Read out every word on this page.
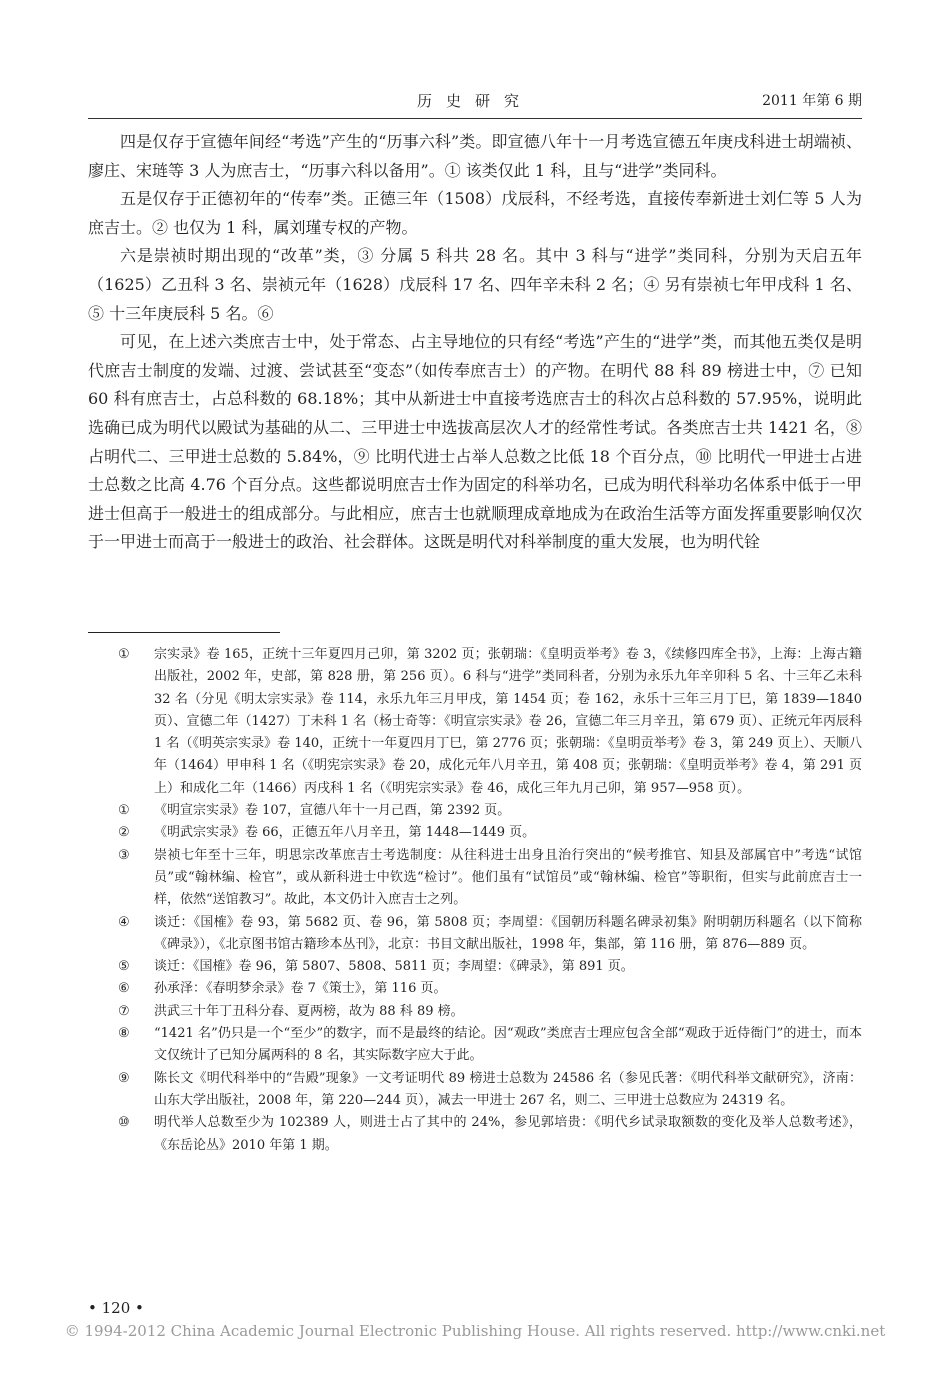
历史研究	2011 年第 6 期

四是仅存于宣德年间经“考选”产生的“历事六科”类。即宣德八年十一月考选宣德五年庚戌科进士胡端祯、廖庄、宋琏等 3 人为庶吉士，“历事六科以备用”。① 该类仅此 1 科，且与“进学”类同科。

五是仅存于正德初年的“传奉”类。正德三年（1508）戊辰科，不经考选，直接传奉新进士刘仁等 5 人为庶吉士。② 也仅为 1 科，属刘瑾专权的产物。

六是崇祯时期出现的“改革”类，③ 分属 5 科共 28 名。其中 3 科与“进学”类同科，分别为天启五年（1625）乙丑科 3 名、崇祯元年（1628）戊辰科 17 名、四年辛未科 2 名；④ 另有崇祯七年甲戌科 1 名、⑤ 十三年庚辰科 5 名。⑥

可见，在上述六类庶吉士中，处于常态、占主导地位的只有经“考选”产生的“进学”类，而其他五类仅是明代庶吉士制度的发端、过渡、尝试甚至“变态”（如传奉庶吉士）的产物。在明代 88 科 89 榜进士中，⑦ 已知 60 科有庶吉士，占总科数的 68.18%；其中从新进士中直接考选庶吉士的科次占总科数的 57.95%，说明此选确已成为明代以殿试为基础的从二、三甲进士中选拔高层次人才的经常性考试。各类庶吉士共 1421 名，⑧ 占明代二、三甲进士总数的 5.84%，⑨ 比明代进士占举人总数之比低 18 个百分点，⑩ 比明代一甲进士占进士总数之比高 4.76 个百分点。这些都说明庶吉士作为固定的科举功名，已成为明代科举功名体系中低于一甲进士但高于一般进士的组成部分。与此相应，庶吉士也就顺理成章地成为在政治生活等方面发挥重要影响仅次于一甲进士而高于一般进士的政治、社会群体。这既是明代对科举制度的重大发展，也为明代铨

①	宗实录》卷 165，正统十三年夏四月己卯，第 3202 页；张朝瑞：《皇明贡举考》卷 3，《续修四库全书》，上海：上海古籍出版社，2002 年，史部，第 828 册，第 256 页）。6 科与“进学”类同科者，分别为永乐九年辛卯科 5 名、十三年乙未科 32 名（分见《明太宗实录》卷 114，永乐九年三月甲戌，第 1454 页；卷 162，永乐十三年三月丁巳，第 1839—1840 页）、宣德二年（1427）丁未科 1 名（杨士奇等：《明宣宗实录》卷 26，宣德二年三月辛丑，第 679 页）、正统元年丙辰科 1 名（《明英宗实录》卷 140，正统十一年夏四月丁巳，第 2776 页；张朝瑞：《皇明贡举考》卷 3，第 249 页上）、天顺八年（1464）甲申科 1 名（《明宪宗实录》卷 20，成化元年八月辛丑，第 408 页；张朝瑞：《皇明贡举考》卷 4，第 291 页上）和成化二年（1466）丙戌科 1 名（《明宪宗实录》卷 46，成化三年九月己卯，第 957—958 页）。
①	《明宣宗实录》卷 107，宣德八年十一月己酉，第 2392 页。
②	《明武宗实录》卷 66，正德五年八月辛丑，第 1448—1449 页。
③	崇祯七年至十三年，明思宗改革庶吉士考选制度：从往科进士出身且治行突出的“候考推官、知县及部属官中”考选“试馆员”或“翰林编、检官”，或从新科进士中钦选“检讨”。他们虽有“试馆员”或“翰林编、检官”等职衔，但实与此前庶吉士一样，依然“送馆教习”。故此，本文仍计入庶吉士之列。
④	谈迁：《国榷》卷 93，第 5682 页、卷 96，第 5808 页；李周望：《国朝历科题名碑录初集》附明朝历科题名（以下简称《碑录》），《北京图书馆古籍珍本丛刊》，北京：书目文献出版社，1998 年，集部，第 116 册，第 876—889 页。
⑤	谈迁：《国榷》卷 96，第 5807、5808、5811 页；李周望：《碑录》，第 891 页。
⑥	孙承泽：《春明梦余录》卷 7《策士》，第 116 页。
⑦	洪武三十年丁丑科分春、夏两榜，故为 88 科 89 榜。
⑧	“1421 名”仍只是一个“至少”的数字，而不是最终的结论。因“观政”类庶吉士理应包含全部“观政于近侍衙门”的进士，而本文仅统计了已知分属两科的 8 名，其实际数字应大于此。
⑨	陈长文《明代科举中的“告殿”现象》一文考证明代 89 榜进士总数为 24586 名（参见氏著：《明代科举文献研究》，济南：山东大学出版社，2008 年，第 220—244 页），减去一甲进士 267 名，则二、三甲进士总数应为 24319 名。
⑩	明代举人总数至少为 102389 人，则进士占了其中的 24%，参见郭培贵：《明代乡试录取额数的变化及举人总数考述》，《东岳论丛》2010 年第 1 期。
• 120 •
© 1994-2012 China Academic Journal Electronic Publishing House. All rights reserved. http://www.cnki.net
